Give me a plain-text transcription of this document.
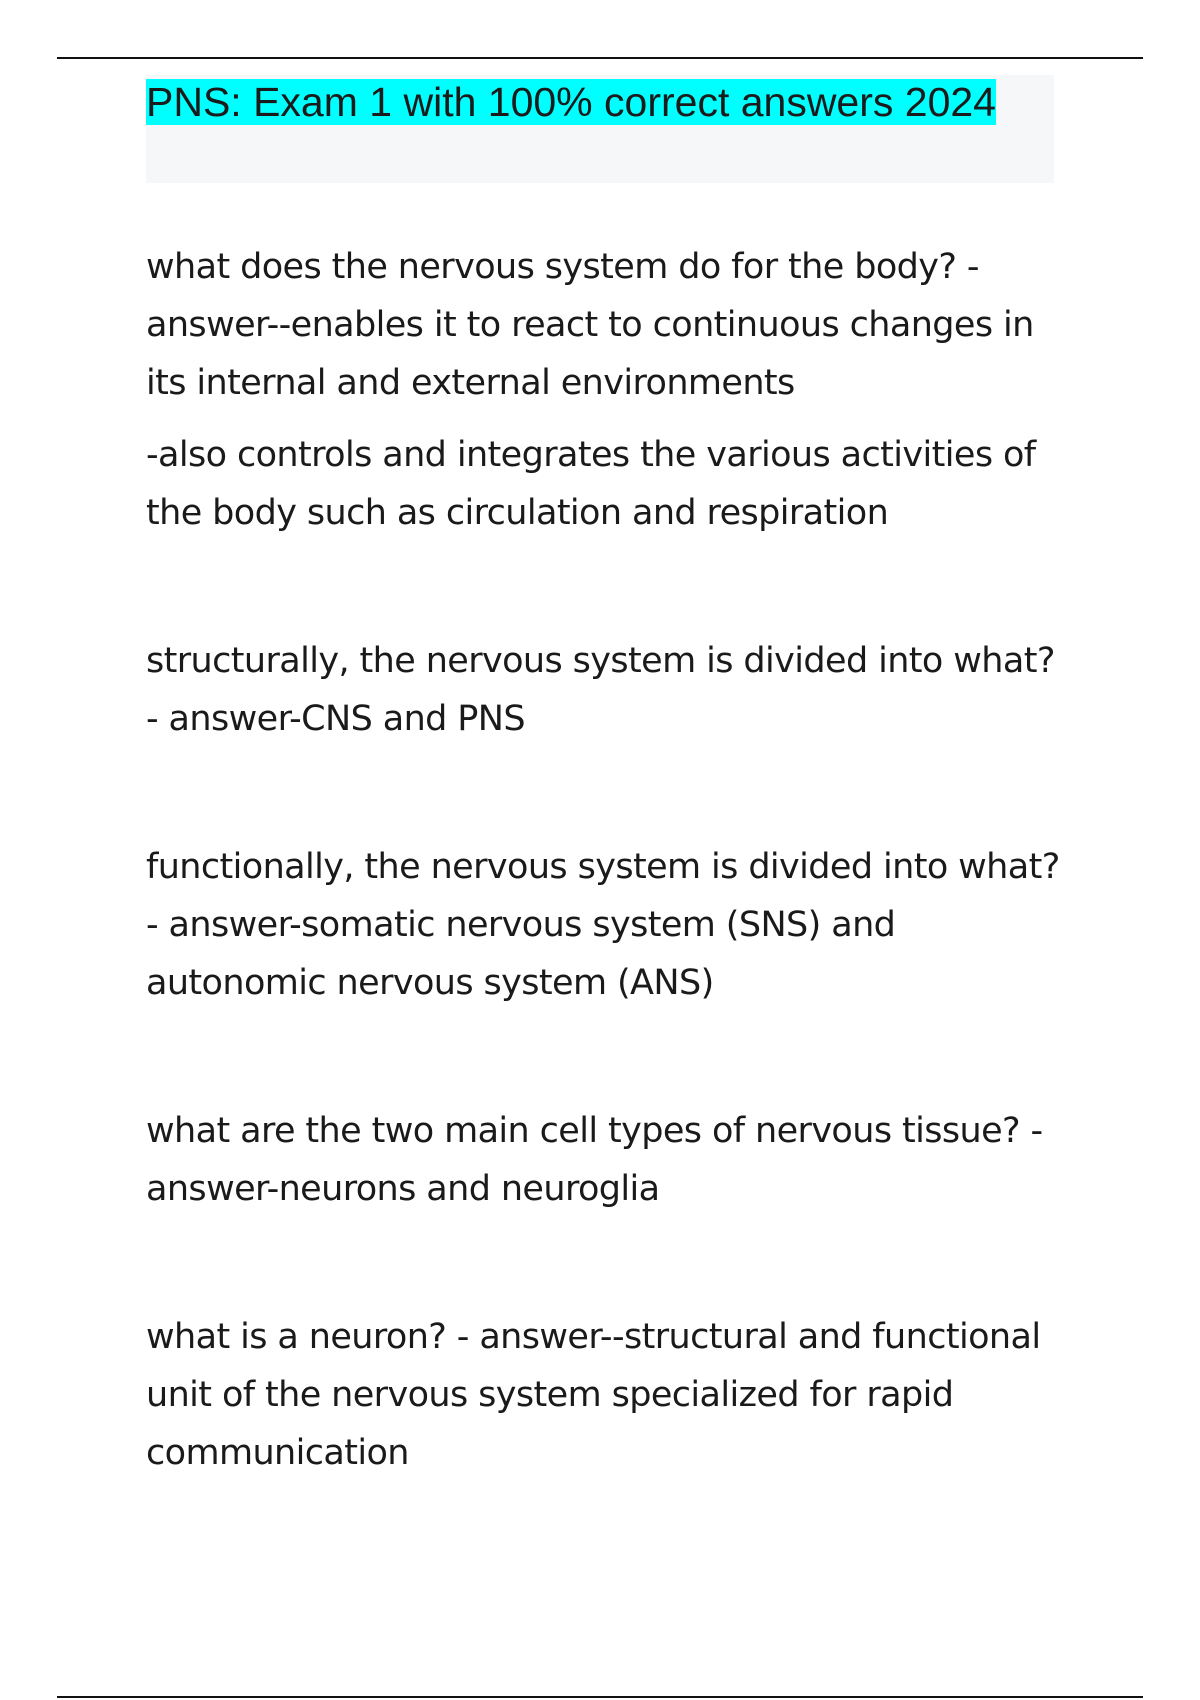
PNS: Exam 1 with 100% correct answers 2024

what does the nervous system do for the body? - answer--enables it to react to continuous changes in its internal and external environments

-also controls and integrates the various activities of the body such as circulation and respiration

structurally, the nervous system is divided into what? - answer-CNS and PNS

functionally, the nervous system is divided into what? - answer-somatic nervous system (SNS) and autonomic nervous system (ANS)

what are the two main cell types of nervous tissue? - answer-neurons and neuroglia

what is a neuron? - answer--structural and functional unit of the nervous system specialized for rapid communication
